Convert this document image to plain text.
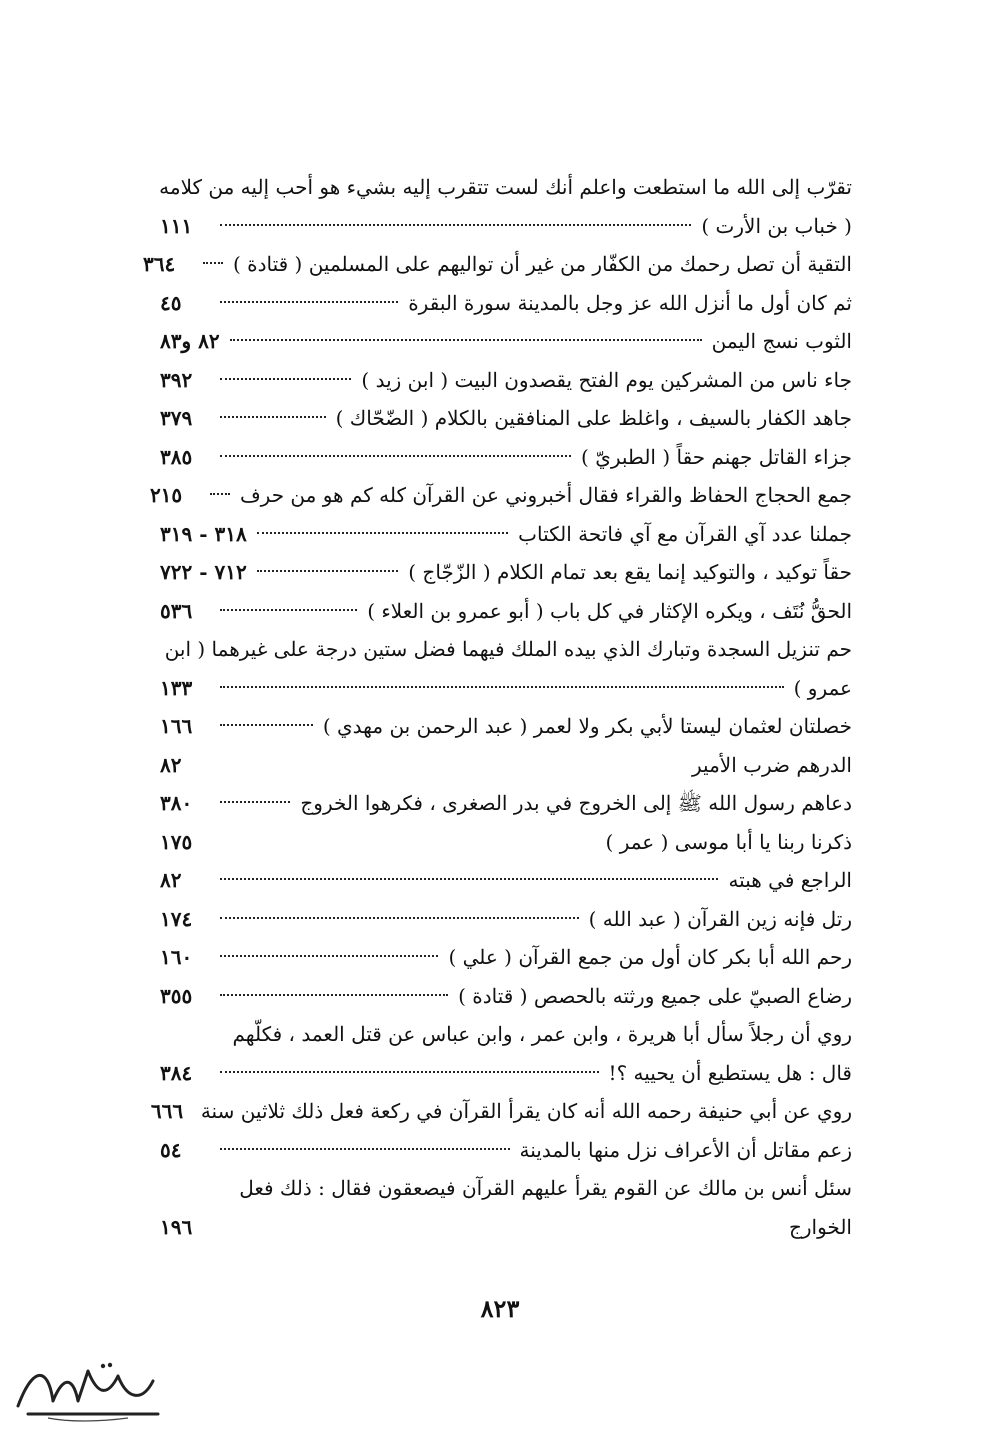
تقرّب إلى الله ما استطعت واعلم أنك لست تتقرب إليه بشيء هو أحب إليه من كلامه
( خباب بن الأرت )
١١١
التقية أن تصل رحمك من الكفّار من غير أن تواليهم على المسلمين ( قتادة )
٣٦٤
ثم كان أول ما أنزل الله عز وجل بالمدينة سورة البقرة
٤٥
الثوب نسج اليمن
٨٢ و٨٣
جاء ناس من المشركين يوم الفتح يقصدون البيت ( ابن زيد )
٣٩٢
جاهد الكفار بالسيف ، واغلظ على المنافقين بالكلام ( الضّحّاك )
٣٧٩
جزاء القاتل جهنم حقاً ( الطبريّ )
٣٨٥
جمع الحجاج الحفاظ والقراء فقال أخبروني عن القرآن كله كم هو من حرف
٢١٥
جملنا عدد آي القرآن مع آي فاتحة الكتاب
٣١٨ - ٣١٩
حقاً توكيد ، والتوكيد إنما يقع بعد تمام الكلام ( الزّجّاج )
٧١٢ - ٧٢٢
الحقُّ نُتَف ، ويكره الإكثار في كل باب ( أبو عمرو بن العلاء )
٥٣٦
حم تنزيل السجدة وتبارك الذي بيده الملك فيهما فضل ستين درجة على غيرهما ( ابن
عمرو )
١٣٣
خصلتان لعثمان ليستا لأبي بكر ولا لعمر ( عبد الرحمن بن مهدي )
١٦٦
الدرهم ضرب الأمير
٨٢
دعاهم رسول الله ﷺ إلى الخروج في بدر الصغرى ، فكرهوا الخروج
٣٨٠
ذكرنا ربنا يا أبا موسى ( عمر )
١٧٥
الراجع في هبته
٨٢
رتل فإنه زين القرآن ( عبد الله )
١٧٤
رحم الله أبا بكر كان أول من جمع القرآن ( علي )
١٦٠
رضاع الصبيّ على جميع ورثته بالحصص ( قتادة )
٣٥٥
روي أن رجلاً سأل أبا هريرة ، وابن عمر ، وابن عباس عن قتل العمد ، فكلّهم
قال : هل يستطيع أن يحييه ؟!
٣٨٤
روي عن أبي حنيفة رحمه الله أنه كان يقرأ القرآن في ركعة فعل ذلك ثلاثين سنة
٦٦٦
زعم مقاتل أن الأعراف نزل منها بالمدينة
٥٤
سئل أنس بن مالك عن القوم يقرأ عليهم القرآن فيصعقون فقال : ذلك فعل
الخوارج
١٩٦
٨٢٣
